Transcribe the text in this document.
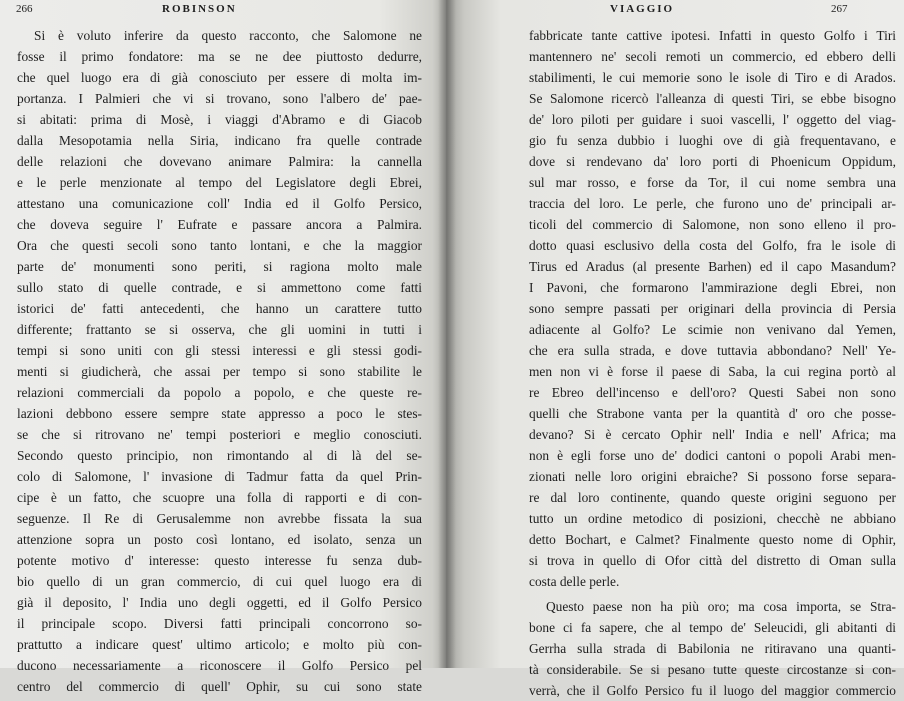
266	ROBINSON
Si è voluto inferire da questo racconto, che Salomone ne
fosse il primo fondatore: ma se ne dee piuttosto dedurre,
che quel luogo era di già conosciuto per essere di molta im-
portanza. I Palmieri che vi si trovano, sono l'albero de' pae-
si abitati: prima di Mosè, i viaggi d'Abramo e di Giacob
dalla Mesopotamia nella Siria, indicano fra quelle contrade
delle relazioni che dovevano animare Palmira: la cannella
e le perle menzionate al tempo del Legislatore degli Ebrei,
attestano una comunicazione coll' India ed il Golfo Persico,
che doveva seguire l' Eufrate e passare ancora a Palmira.
Ora che questi secoli sono tanto lontani, e che la maggior
parte de' monumenti sono periti, si ragiona molto male
sullo stato di quelle contrade, e si ammettono come fatti
istorici de' fatti antecedenti, che hanno un carattere tutto
differente; frattanto se si osserva, che gli uomini in tutti i
tempi si sono uniti con gli stessi interessi e gli stessi godi-
menti si giudicherà, che assai per tempo si sono stabilite le
relazioni commerciali da popolo a popolo, e che queste re-
lazioni debbono essere sempre state appresso a poco le stes-
se che si ritrovano ne' tempi posteriori e meglio conosciuti.
Secondo questo principio, non rimontando al di là del se-
colo di Salomone, l' invasione di Tadmur fatta da quel Prin-
cipe è un fatto, che scuopre una folla di rapporti e di con-
seguenze. Il Re di Gerusalemme non avrebbe fissata la sua
attenzione sopra un posto così lontano, ed isolato, senza un
potente motivo d' interesse: questo interesse fu senza dub-
bio quello di un gran commercio, di cui quel luogo era di
già il deposito, l' India uno degli oggetti, ed il Golfo Persico
il principale scopo. Diversi fatti principali concorrono so-
prattutto a indicare quest' ultimo articolo; e molto più con-
ducono necessariamente a riconoscere il Golfo Persico pel
centro del commercio di quell' Ophir, su cui sono state
VIAGGIO	267
fabbricate tante cattive ipotesi. Infatti in questo Golfo i Tiri
mantennero ne' secoli remoti un commercio, ed ebbero delli
stabilimenti, le cui memorie sono le isole di Tiro e di Arados.
Se Salomone ricercò l'alleanza di questi Tiri, se ebbe bisogno
de' loro piloti per guidare i suoi vascelli, l' oggetto del viag-
gio fu senza dubbio i luoghi ove di già frequentavano, e
dove si rendevano da' loro porti di Phoenicum Oppidum,
sul mar rosso, e forse da Tor, il cui nome sembra una
traccia del loro. Le perle, che furono uno de' principali ar-
ticoli del commercio di Salomone, non sono elleno il pro-
dotto quasi esclusivo della costa del Golfo, fra le isole di
Tirus ed Aradus (al presente Barhen) ed il capo Masandum?
I Pavoni, che formarono l'ammirazione degli Ebrei, non
sono sempre passati per originari della provincia di Persia
adiacente al Golfo? Le scimie non venivano dal Yemen,
che era sulla strada, e dove tuttavia abbondano? Nell' Ye-
men non vi è forse il paese di Saba, la cui regina portò al
re Ebreo dell'incenso e dell'oro? Questi Sabei non sono
quelli che Strabone vanta per la quantità d' oro che posse-
devano? Si è cercato Ophir nell' India e nell' Africa; ma
non è egli forse uno de' dodici cantoni o popoli Arabi men-
zionati nelle loro origini ebraiche? Si possono forse separa-
re dal loro continente, quando queste origini seguono per
tutto un ordine metodico di posizioni, checchè ne abbiano
detto Bochart, e Calmet? Finalmente questo nome di Ophir,
si trova in quello di Ofor città del distretto di Oman sulla
costa delle perle.
Questo paese non ha più oro; ma cosa importa, se Stra-
bone ci fa sapere, che al tempo de' Seleucidi, gli abitanti di
Gerrha sulla strada di Babilonia ne ritiravano una quanti-
tà considerabile. Se si pesano tutte queste circostanze si con-
verrà, che il Golfo Persico fu il luogo del maggior commercio
